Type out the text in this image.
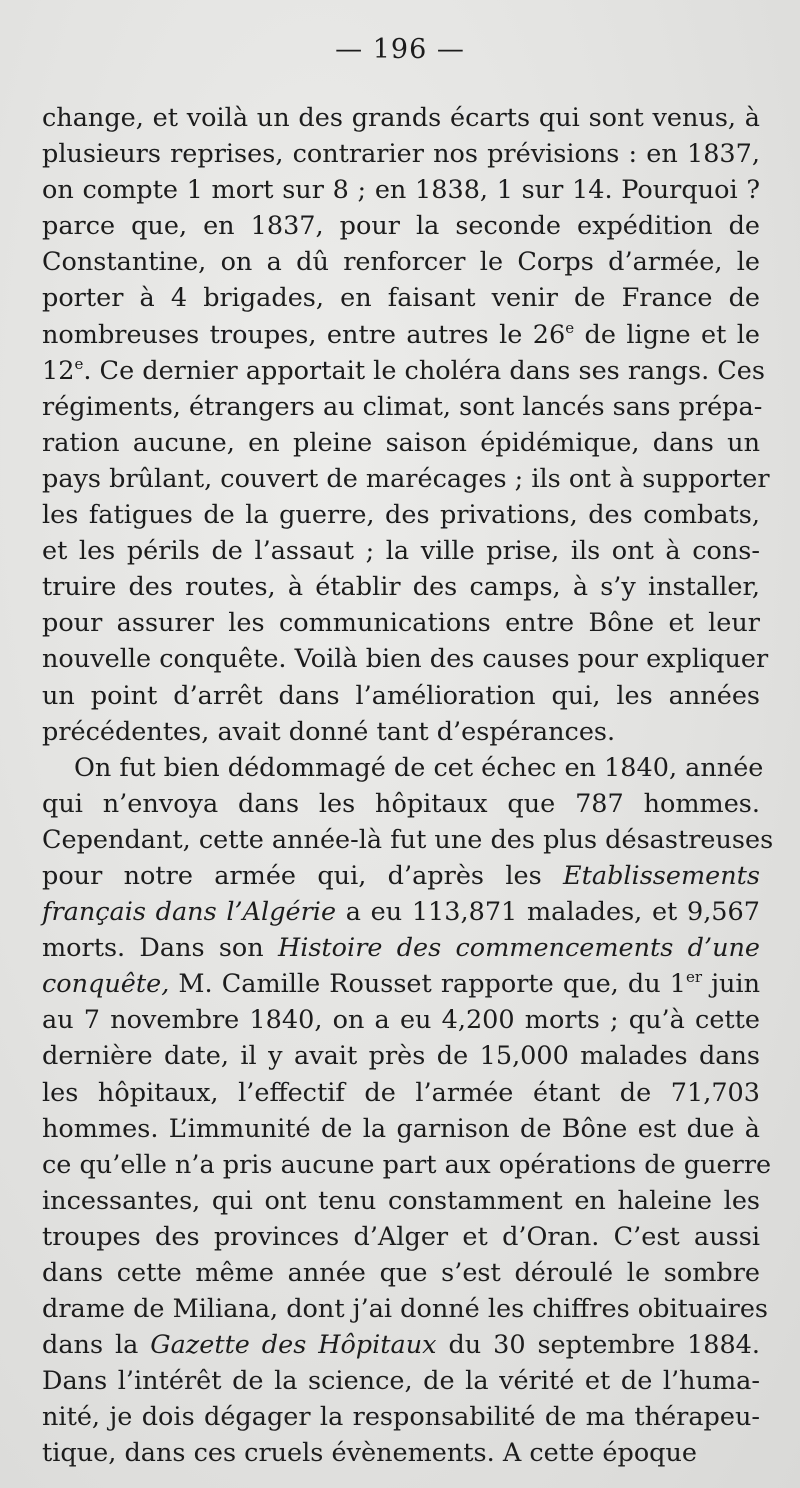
— 196 —
change, et voilà un des grands écarts qui sont venus, à
plusieurs reprises, contrarier nos prévisions : en 1837,
on compte 1 mort sur 8 ; en 1838, 1 sur 14. Pourquoi ?
parce que, en 1837, pour la seconde expédition de
Constantine, on a dû renforcer le Corps d’armée, le
porter à 4 brigades, en faisant venir de France de
nombreuses troupes, entre autres le 26e de ligne et le
12e. Ce dernier apportait le choléra dans ses rangs. Ces
régiments, étrangers au climat, sont lancés sans prépa-
ration aucune, en pleine saison épidémique, dans un
pays brûlant, couvert de marécages ; ils ont à supporter
les fatigues de la guerre, des privations, des combats,
et les périls de l’assaut ; la ville prise, ils ont à cons-
truire des routes, à établir des camps, à s’y installer,
pour assurer les communications entre Bône et leur
nouvelle conquête. Voilà bien des causes pour expliquer
un point d’arrêt dans l’amélioration qui, les années
précédentes, avait donné tant d’espérances.
On fut bien dédommagé de cet échec en 1840, année
qui n’envoya dans les hôpitaux que 787 hommes.
Cependant, cette année-là fut une des plus désastreuses
pour notre armée qui, d’après les Etablissements
français dans l’Algérie a eu 113,871 malades, et 9,567
morts. Dans son Histoire des commencements d’une
conquête, M. Camille Rousset rapporte que, du 1er juin
au 7 novembre 1840, on a eu 4,200 morts ; qu’à cette
dernière date, il y avait près de 15,000 malades dans
les hôpitaux, l’effectif de l’armée étant de 71,703
hommes. L’immunité de la garnison de Bône est due à
ce qu’elle n’a pris aucune part aux opérations de guerre
incessantes, qui ont tenu constamment en haleine les
troupes des provinces d’Alger et d’Oran. C’est aussi
dans cette même année que s’est déroulé le sombre
drame de Miliana, dont j’ai donné les chiffres obituaires
dans la Gazette des Hôpitaux du 30 septembre 1884.
Dans l’intérêt de la science, de la vérité et de l’huma-
nité, je dois dégager la responsabilité de ma thérapeu-
tique, dans ces cruels évènements. A cette époque
